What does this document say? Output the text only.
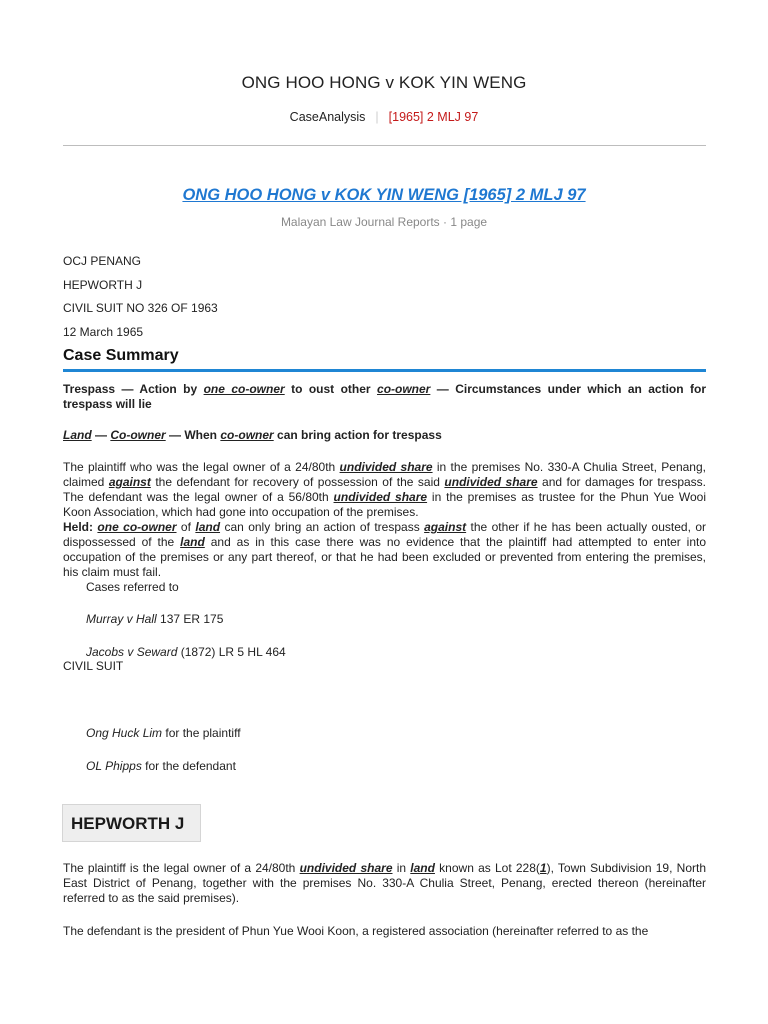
ONG HOO HONG v KOK YIN WENG
CaseAnalysis | [1965] 2 MLJ 97
ONG HOO HONG v KOK YIN WENG [1965] 2 MLJ 97
Malayan Law Journal Reports · 1 page
OCJ PENANG
HEPWORTH J
CIVIL SUIT NO 326 OF 1963
12 March 1965
Case Summary
Trespass — Action by one co-owner to oust other co-owner — Circumstances under which an action for trespass will lie
Land — Co-owner — When co-owner can bring action for trespass
The plaintiff who was the legal owner of a 24/80th undivided share in the premises No. 330-A Chulia Street, Penang, claimed against the defendant for recovery of possession of the said undivided share and for damages for trespass. The defendant was the legal owner of a 56/80th undivided share in the premises as trustee for the Phun Yue Wooi Koon Association, which had gone into occupation of the premises.
Held: one co-owner of land can only bring an action of trespass against the other if he has been actually ousted, or dispossessed of the land and as in this case there was no evidence that the plaintiff had attempted to enter into occupation of the premises or any part thereof, or that he had been excluded or prevented from entering the premises, his claim must fail.
Cases referred to
Murray v Hall 137 ER 175
Jacobs v Seward (1872) LR 5 HL 464
CIVIL SUIT
Ong Huck Lim for the plaintiff
OL Phipps for the defendant
HEPWORTH J
The plaintiff is the legal owner of a 24/80th undivided share in land known as Lot 228(1), Town Subdivision 19, North East District of Penang, together with the premises No. 330-A Chulia Street, Penang, erected thereon (hereinafter referred to as the said premises).
The defendant is the president of Phun Yue Wooi Koon, a registered association (hereinafter referred to as the
